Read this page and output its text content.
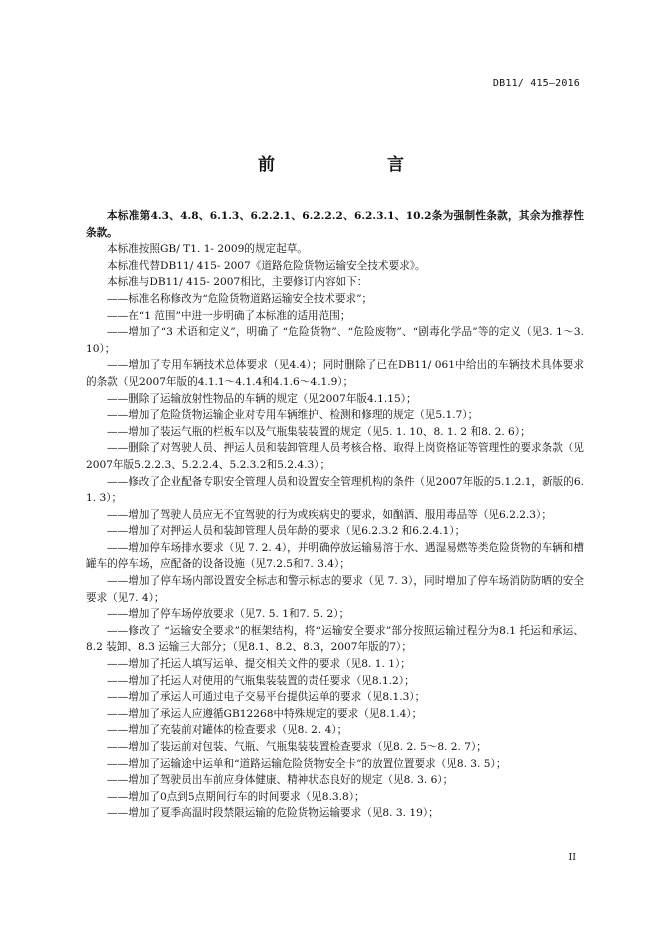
DB11/ 415—2016
前　　言

本标准第4.3、4.8、6.1.3、6.2.2.1、6.2.2.2、6.2.3.1、10.2条为强制性条款，其余为推荐性条款。

本标准按照GB/ T1. 1- 2009的规定起草。

本标准代替DB11/ 415- 2007《道路危险货物运输安全技术要求》。

本标准与DB11/ 415- 2007相比，主要修订内容如下：

——标准名称修改为“危险货物道路运输安全技术要求”；

——在“1 范围”中进一步明确了本标准的适用范围；

——增加了“3 术语和定义”，明确了 “危险货物”、“危险废物”、“剧毒化学品”等的定义（见3. 1～3. 10）；

——增加了专用车辆技术总体要求（见4.4）；同时删除了已在DB11/ 061中给出的车辆技术具体要求的条款（见2007年版的4.1.1～4.1.4和4.1.6～4.1.9）；

——删除了运输放射性物品的车辆的规定（见2007年版4.1.15）；

——增加了危险货物运输企业对专用车辆维护、检测和修理的规定（见5.1.7）；

——增加了装运气瓶的栏板车以及气瓶集装装置的规定（见5. 1. 10、8. 1. 2 和8. 2. 6）；

——删除了对驾驶人员、押运人员和装卸管理人员考核合格、取得上岗资格证等管理性的要求条款（见2007年版5.2.2.3、5.2.2.4、5.2.3.2和5.2.4.3）；

——修改了企业配备专职安全管理人员和设置安全管理机构的条件（见2007年版的5.1.2.1，新版的6. 1. 3）；

——增加了驾驶人员应无不宜驾驶的行为或疾病史的要求，如酗酒、服用毒品等（见6.2.2.3）；

——增加了对押运人员和装卸管理人员年龄的要求（见6.2.3.2 和6.2.4.1）；

——增加停车场排水要求（见 7. 2. 4），并明确停放运输易溶于水、遇湿易燃等类危险货物的车辆和槽罐车的停车场，应配备的设备设施（见7.2.5和7. 3.4）；

——增加了停车场内部设置安全标志和警示标志的要求（见 7. 3），同时增加了停车场消防防晒的安全要求（见7. 4）；

——增加了停车场停放要求（见7. 5. 1和7. 5. 2）；

——修改了 “运输安全要求”的框架结构，将“运输安全要求”部分按照运输过程分为8.1 托运和承运、8.2 装卸、8.3 运输三大部分；（见8.1、8.2、8.3，2007年版的7）；

——增加了托运人填写运单、提交相关文件的要求（见8. 1. 1）；

——增加了托运人对使用的气瓶集装装置的责任要求（见8.1.2）；

——增加了承运人可通过电子交易平台提供运单的要求（见8.1.3）；

——增加了承运人应遵循GB12268中特殊规定的要求（见8.1.4）；

——增加了充装前对罐体的检查要求（见8. 2. 4）；

——增加了装运前对包装、气瓶、气瓶集装装置检查要求（见8. 2. 5～8. 2. 7）；

——增加了运输途中运单和“道路运输危险货物安全卡”的放置位置要求（见8. 3. 5）；

——增加了驾驶员出车前应身体健康、精神状态良好的规定（见8. 3. 6）；

——增加了0点到5点期间行车的时间要求（见8.3.8）；

——增加了夏季高温时段禁限运输的危险货物运输要求（见8. 3. 19）；

II
